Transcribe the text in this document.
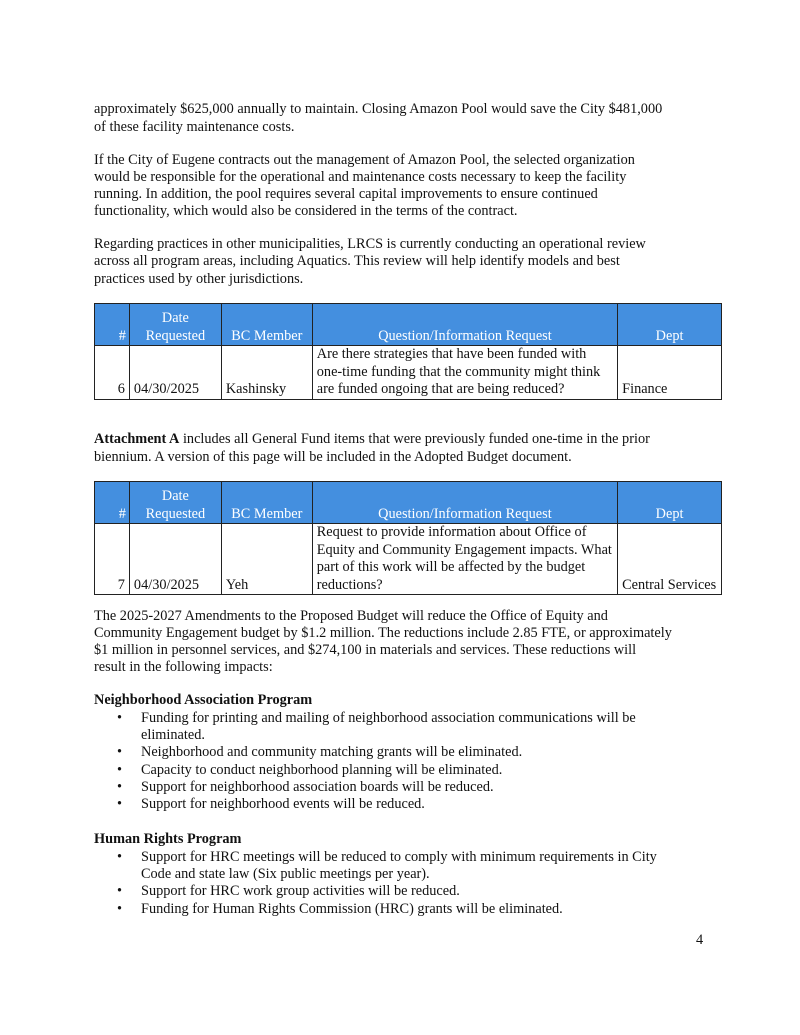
approximately $625,000 annually to maintain. Closing Amazon Pool would save the City $481,000
of these facility maintenance costs.
If the City of Eugene contracts out the management of Amazon Pool, the selected organization
would be responsible for the operational and maintenance costs necessary to keep the facility
running. In addition, the pool requires several capital improvements to ensure continued
functionality, which would also be considered in the terms of the contract.
Regarding practices in other municipalities, LRCS is currently conducting an operational review
across all program areas, including Aquatics. This review will help identify models and best
practices used by other jurisdictions.
#	Date Requested	BC Member	Question/Information Request	Dept
6	04/30/2025	Kashinsky	Are there strategies that have been funded with one-time funding that the community might think are funded ongoing that are being reduced?	Finance
Attachment A includes all General Fund items that were previously funded one-time in the prior
biennium. A version of this page will be included in the Adopted Budget document.
#	Date Requested	BC Member	Question/Information Request	Dept
7	04/30/2025	Yeh	Request to provide information about Office of Equity and Community Engagement impacts. What part of this work will be affected by the budget reductions?	Central Services
The 2025-2027 Amendments to the Proposed Budget will reduce the Office of Equity and
Community Engagement budget by $1.2 million. The reductions include 2.85 FTE, or approximately
$1 million in personnel services, and $274,100 in materials and services. These reductions will
result in the following impacts:
Neighborhood Association Program
• Funding for printing and mailing of neighborhood association communications will be
eliminated.
• Neighborhood and community matching grants will be eliminated.
• Capacity to conduct neighborhood planning will be eliminated.
• Support for neighborhood association boards will be reduced.
• Support for neighborhood events will be reduced.
Human Rights Program
• Support for HRC meetings will be reduced to comply with minimum requirements in City
Code and state law (Six public meetings per year).
• Support for HRC work group activities will be reduced.
• Funding for Human Rights Commission (HRC) grants will be eliminated.
4
